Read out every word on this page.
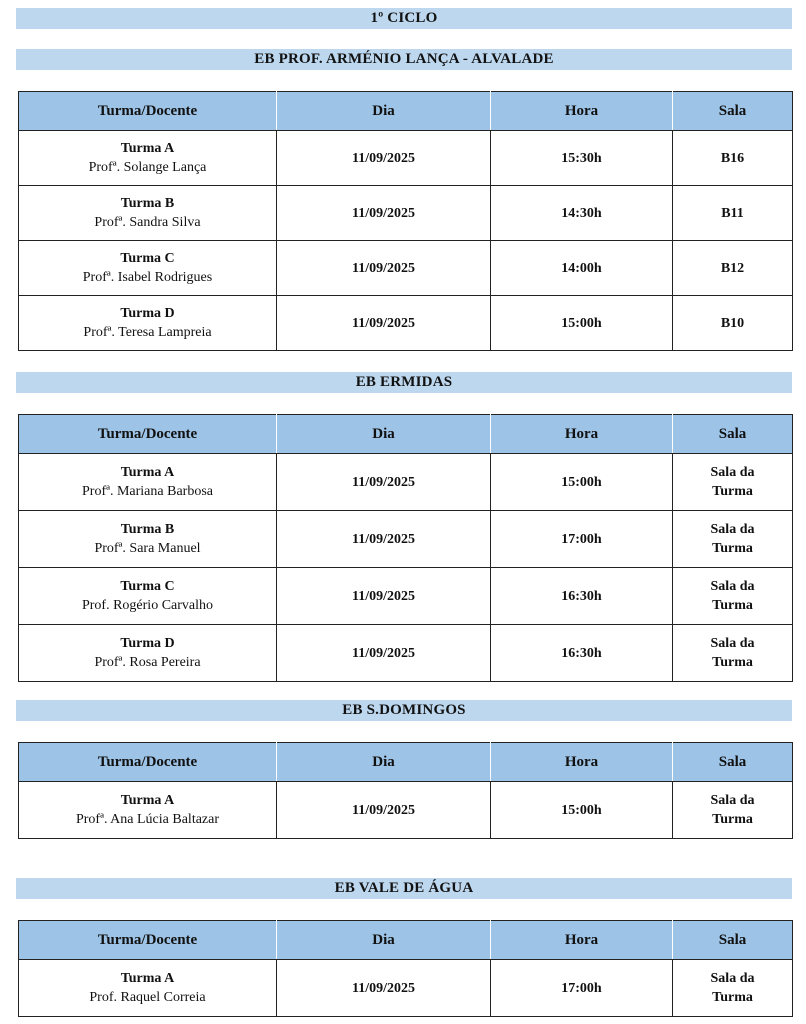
1º CICLO
EB PROF. ARMÉNIO LANÇA - ALVALADE
Turma/Docente	Dia	Hora	Sala

Turma A
Profª. Solange Lança	11/09/2025	15:30h	B16

Turma B
Profª. Sandra Silva	11/09/2025	14:30h	B11

Turma C
Profª. Isabel Rodrigues	11/09/2025	14:00h	B12

Turma D
Profª. Teresa Lampreia	11/09/2025	15:00h	B10
EB ERMIDAS
Turma/Docente	Dia	Hora	Sala

Turma A
Profª. Mariana Barbosa	11/09/2025	15:00h	Sala da Turma

Turma B
Profª. Sara Manuel	11/09/2025	17:00h	Sala da Turma

Turma C
Prof. Rogério Carvalho	11/09/2025	16:30h	Sala da Turma

Turma D
Profª. Rosa Pereira	11/09/2025	16:30h	Sala da Turma
EB S.DOMINGOS
Turma/Docente	Dia	Hora	Sala

Turma A
Profª. Ana Lúcia Baltazar	11/09/2025	15:00h	Sala da Turma
EB VALE DE ÁGUA
Turma/Docente	Dia	Hora	Sala

Turma A
Prof. Raquel Correia	11/09/2025	17:00h	Sala da Turma
